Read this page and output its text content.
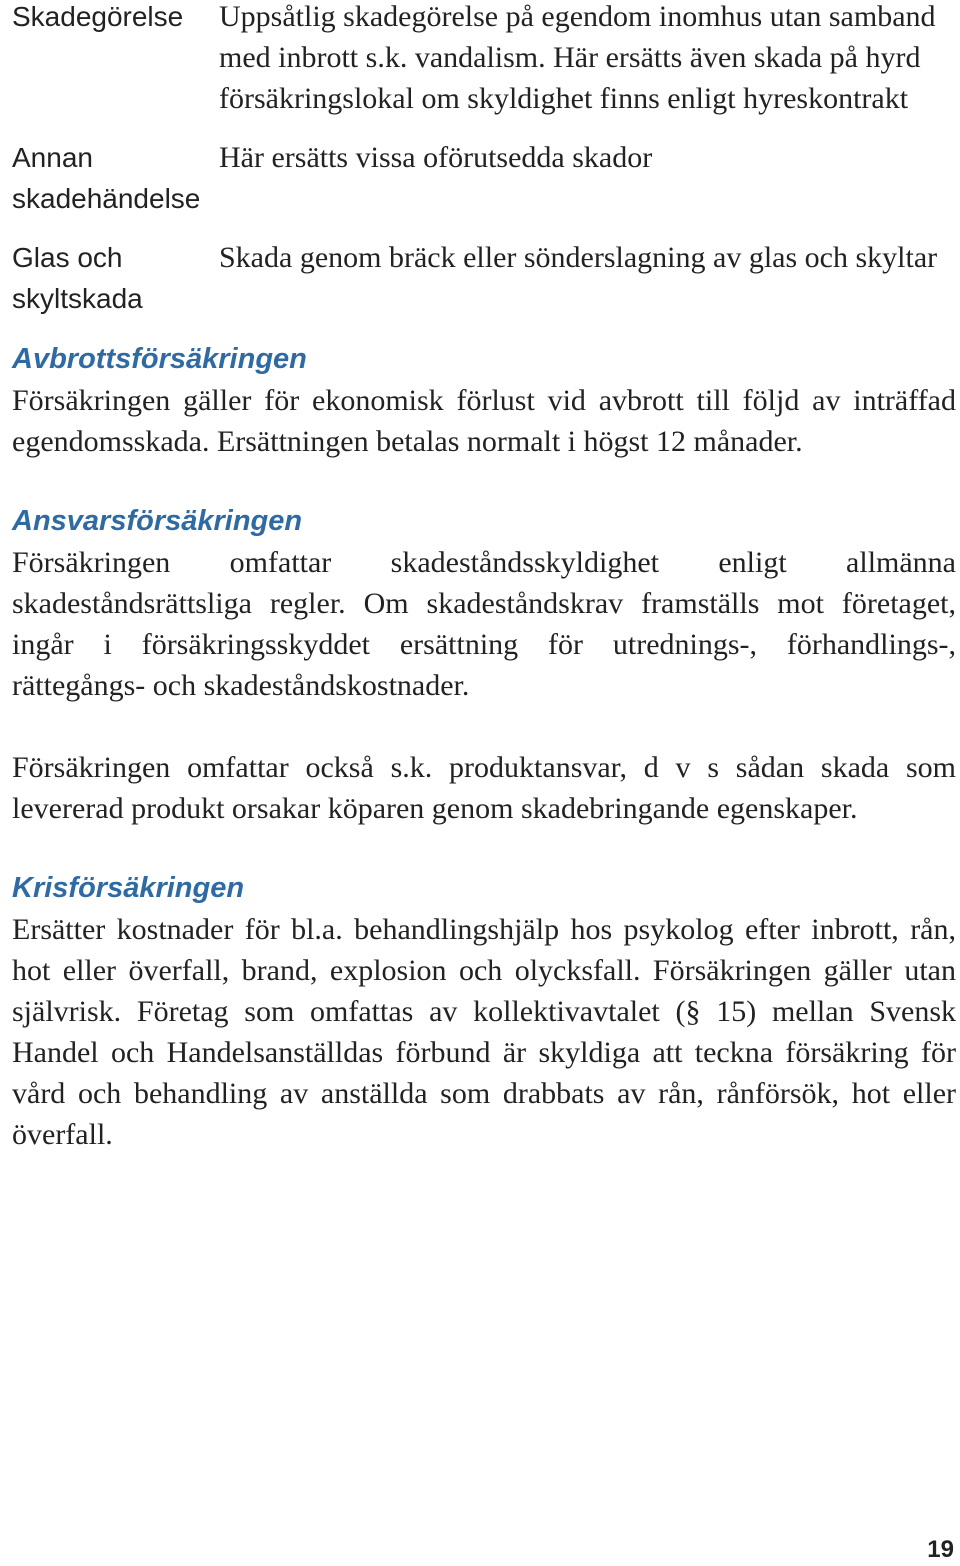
Skadegörelse	Uppsåtlig skadegörelse på egendom inomhus utan samband med inbrott s.k. vandalism. Här ersätts även skada på hyrd försäkringslokal om skyldighet finns enligt hyreskontrakt
Annan	Här ersätts vissa oförutsedda skador
skadehändelse
Glas och skyltskada
Skada genom bräck eller sönderslagning av glas och skyltar
Avbrottsförsäkringen

Försäkringen gäller för ekonomisk förlust vid avbrott till följd av inträffad egendomsskada. Ersättningen betalas normalt i högst 12 månader.

Ansvarsförsäkringen

Försäkringen omfattar skadeståndsskyldighet enligt allmänna skadeståndsrättsliga regler. Om skadeståndskrav framställs mot företaget, ingår i försäkringsskyddet ersättning för utrednings-, förhandlings-, rättegångs- och skadeståndskostnader.

Försäkringen omfattar också s.k. produktansvar, d v s sådan skada som levererad produkt orsakar köparen genom skadebringande egenskaper.

Krisförsäkringen

Ersätter kostnader för bl.a. behandlingshjälp hos psykolog efter inbrott, rån, hot eller överfall, brand, explosion och olycksfall. Försäkringen gäller utan självrisk. Företag som omfattas av kollektivavtalet (§ 15) mellan Svensk Handel och Handelsanställdas förbund är skyldiga att teckna försäkring för vård och behandling av anställda som drabbats av rån, rånförsök, hot eller överfall.

19
